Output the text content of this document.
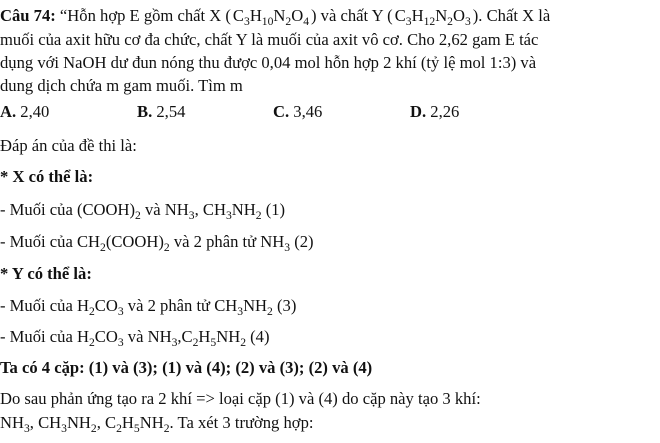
Câu 74: “Hỗn hợp E gồm chất X ( $C_3H_{10}N_2O_4$ ) và chất Y ( $C_3H_{12}N_2O_3$ ). Chất X là
muối của axit hữu cơ đa chức, chất Y là muối của axit vô cơ. Cho 2,62 gam E tác
dụng với NaOH dư đun nóng thu được 0,04 mol hỗn hợp 2 khí (tỷ lệ mol 1:3) và
dung dịch chứa m gam muối. Tìm m
A. 2,40	B. 2,54	C. 3,46	D. 2,26
Đáp án của đề thi là:
* X có thể là:
- Muối của $(COOH)_2$ và $NH_3$, $CH_3NH_2$ (1)
- Muối của $CH_2(COOH)_2$ và 2 phân tử $NH_3$ (2)
* Y có thể là:
- Muối của $H_2CO_3$ và 2 phân tử $CH_3NH_2$ (3)
- Muối của $H_2CO_3$ và $NH_3,C_2H_5NH_2$ (4)
Ta có 4 cặp: (1) và (3); (1) và (4); (2) và (3); (2) và (4)
Do sau phản ứng tạo ra 2 khí => loại cặp (1) và (4) do cặp này tạo 3 khí:
$NH_3$, $CH_3NH_2$, $C_2H_5NH_2$. Ta xét 3 trường hợp:
